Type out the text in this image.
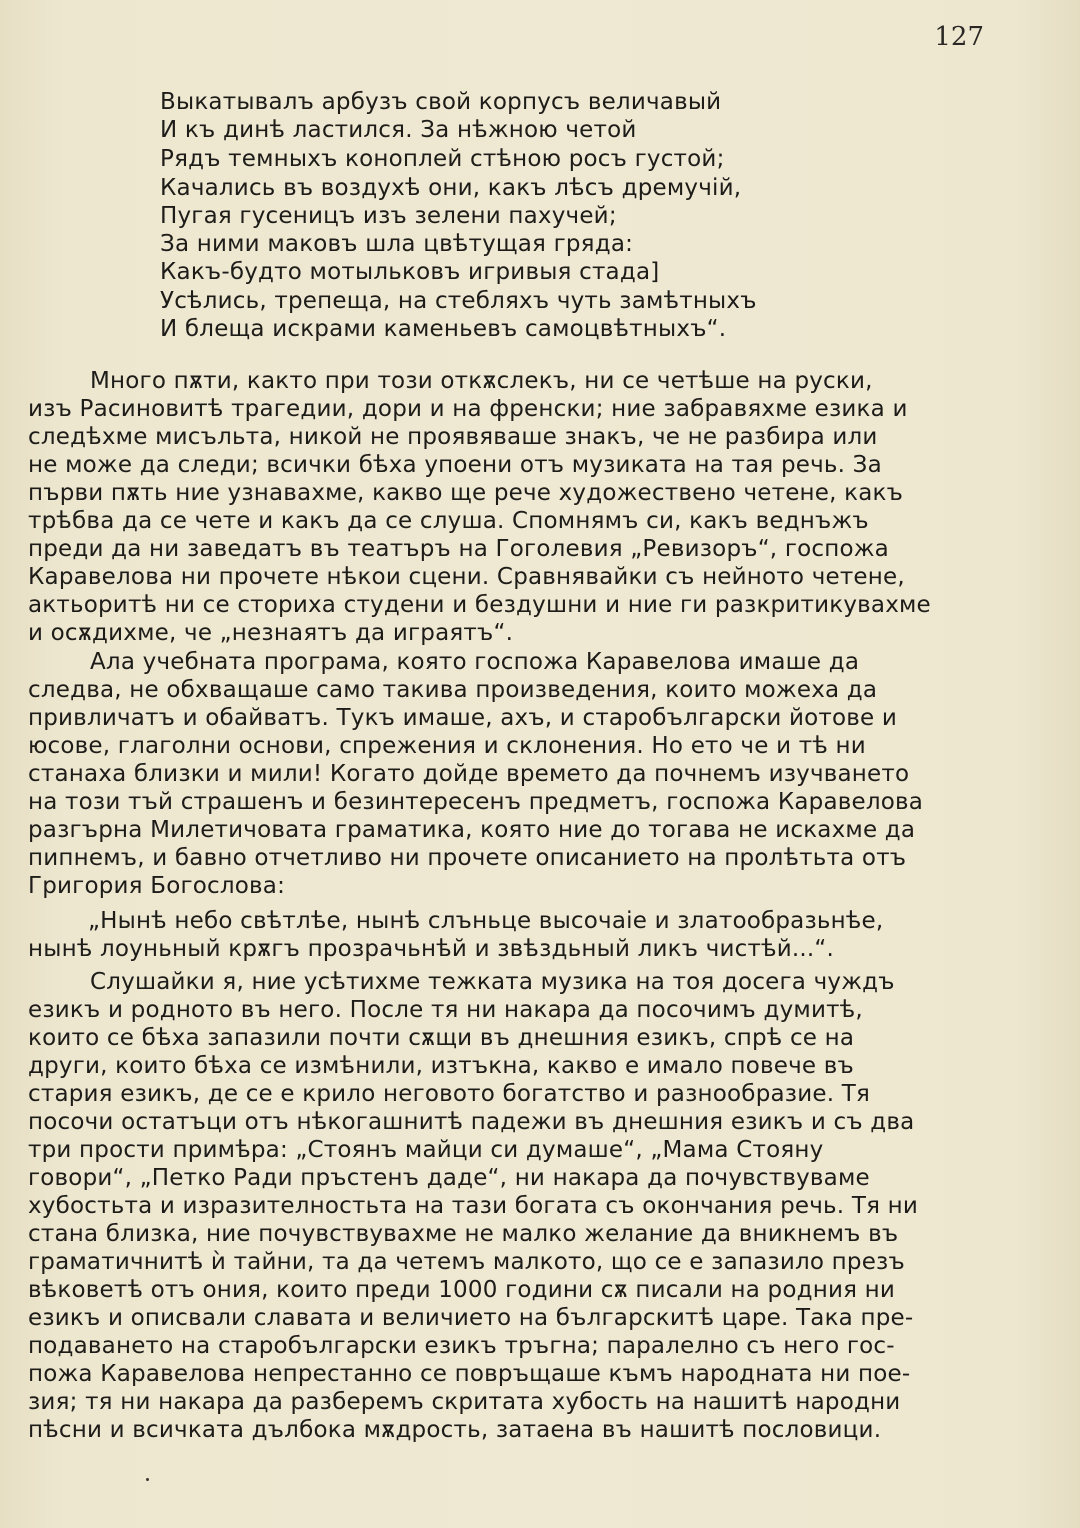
127
Выкатывалъ арбузъ свой корпусъ величавый
И къ динѣ ластился. За нѣжною четой
Рядъ темныхъ коноплей стѣною росъ густой;
Качались въ воздухѣ они, какъ лѣсъ дремучій,
Пугая гусеницъ изъ зелени пахучей;
За ними маковъ шла цвѣтущая гряда:
Какъ-будто мотыльковъ игривыя стада]
Усѣлись, трепеща, на стебляхъ чуть замѣтныхъ
И блеща искрами каменьевъ самоцвѣтныхъ“.
Много пѫти, както при този откѫслекъ, ни се четѣше на руски,
изъ Расиновитѣ трагедии, дори и на френски; ние забравяхме езика и
следѣхме мисъльта, никой не проявяваше знакъ, че не разбира или
не може да следи; всички бѣха упоени отъ музиката на тая речь. За
първи пѫть ние узнавахме, какво ще рече художествено четене, какъ
трѣбва да се чете и какъ да се слуша. Спомнямъ си, какъ веднъжъ
преди да ни заведатъ въ театъръ на Гоголевия „Ревизоръ“, госпожа
Каравелова ни прочете нѣкои сцени. Сравнявайки съ нейното четене,
актьоритѣ ни се сториха студени и бездушни и ние ги разкритикувахме
и осѫдихме, че „незнаятъ да играятъ“.
Ала учебната програма, която госпожа Каравелова имаше да
следва, не обхващаше само такива произведения, които можеха да
привличатъ и обайватъ. Тукъ имаше, ахъ, и старобългарски йотове и
юсове, глаголни основи, спрежения и склонения. Но ето че и тѣ ни
станаха близки и мили! Когато дойде времето да почнемъ изучването
на този тъй страшенъ и безинтересенъ предметъ, госпожа Каравелова
разгърна Милетичовата граматика, която ние до тогава не искахме да
пипнемъ, и бавно отчетливо ни прочете описанието на пролѣтьта отъ
Григория Богослова:
„Нынѣ небо свѣтлѣе, нынѣ слъньце высочаіе и златообразьнѣе,
нынѣ лоуньный крѫгъ прозрачьнѣй и звѣздьный ликъ чистѣй...“.
Слушайки я, ние усѣтихме тежката музика на тоя досега чуждъ
езикъ и родното въ него. После тя ни накара да посочимъ думитѣ,
които се бѣха запазили почти сѫщи въ днешния езикъ, спрѣ се на
други, които бѣха се измѣнили, изтъкна, какво е имало повече въ
стария езикъ, де се е крило неговото богатство и разнообразие. Тя
посочи остатъци отъ нѣкогашнитѣ падежи въ днешния езикъ и съ два
три прости примѣра: „Стоянъ майци си думаше“, „Мама Стояну
говори“, „Петко Ради пръстенъ даде“, ни накара да почувствуваме
хубостьта и изразителностьта на тази богата съ окончания речь. Тя ни
стана близка, ние почувствувахме не малко желание да вникнемъ въ
граматичнитѣ ѝ тайни, та да четемъ малкото, що се е запазило презъ
вѣковетѣ отъ ония, които преди 1000 години сѫ писали на родния ни
езикъ и описвали славата и величието на българскитѣ царе. Така пре-
подаването на старобългарски езикъ тръгна; паралелно съ него гос-
пожа Каравелова непрестанно се повръщаше къмъ народната ни поe-
зия; тя ни накара да разберемъ скритата хубость на нашитѣ народни
пѣсни и всичката дълбока мѫдрость, затаена въ нашитѣ пословици.
